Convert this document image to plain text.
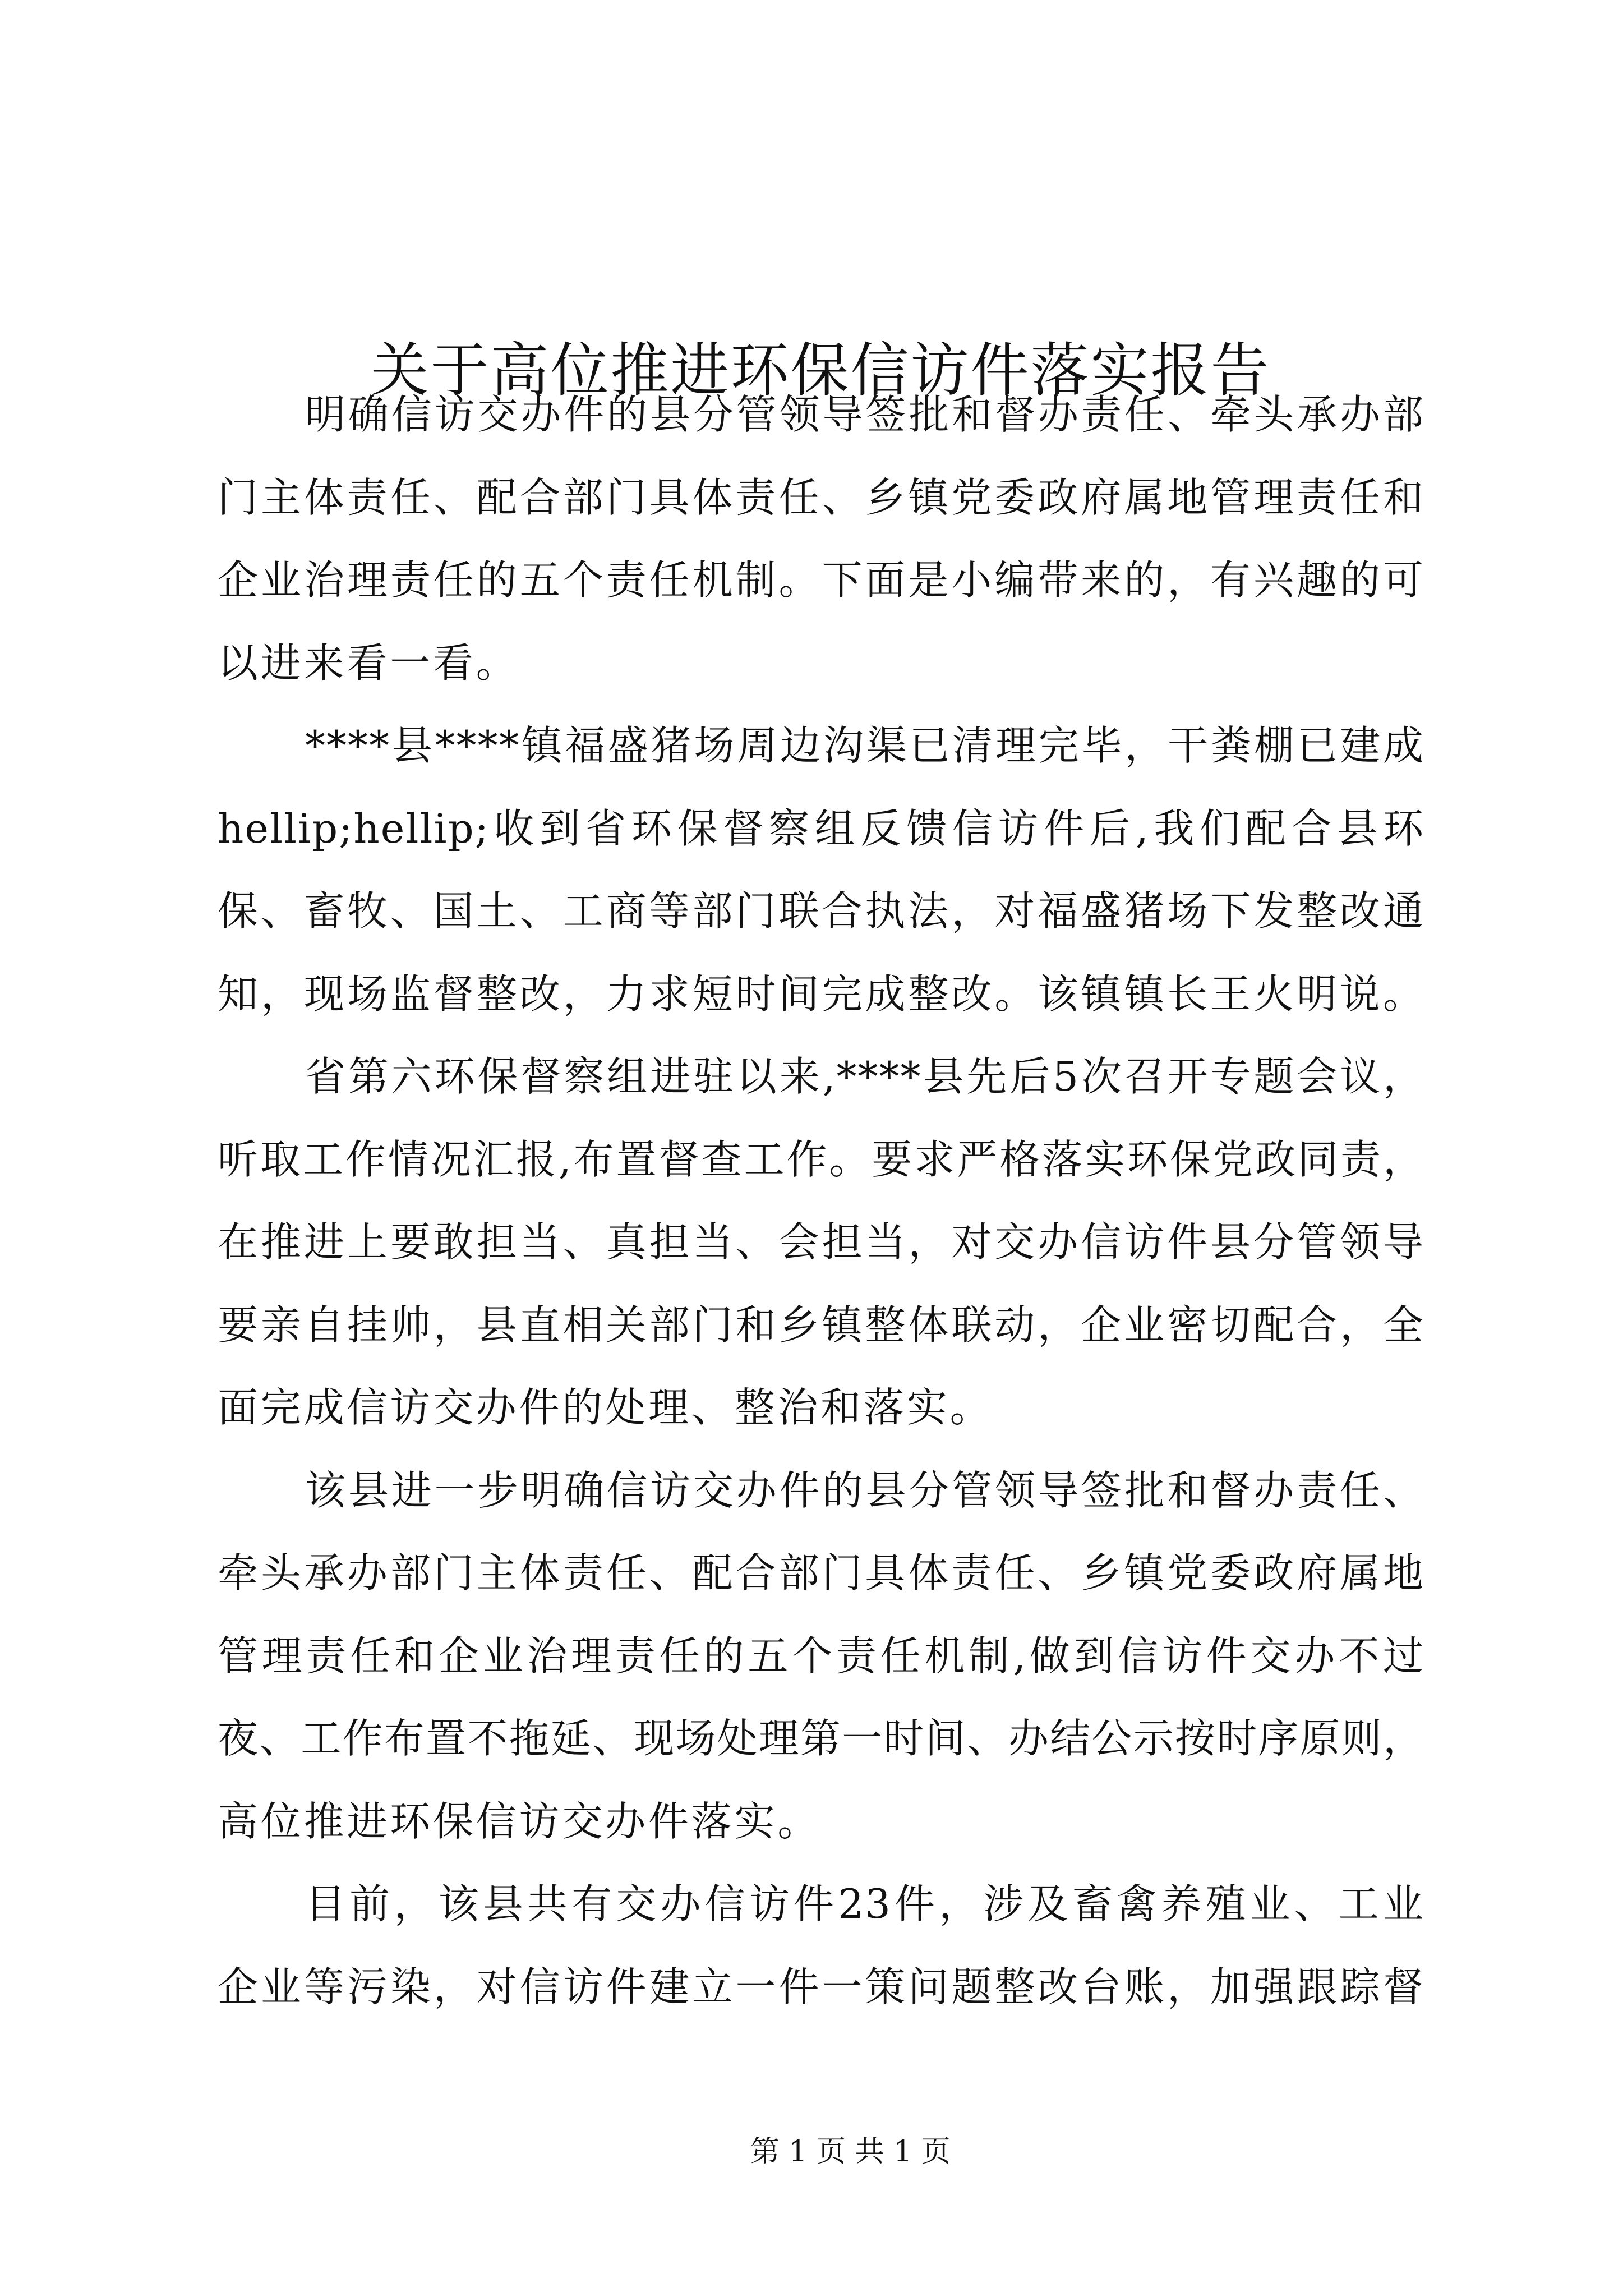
关于高位推进环保信访件落实报告
明确信访交办件的县分管领导签批和督办责任、牵头承办部
门主体责任、配合部门具体责任、乡镇党委政府属地管理责任和
企业治理责任的五个责任机制。下面是小编带来的，有兴趣的可
以进来看一看。
****县****镇福盛猪场周边沟渠已清理完毕，干粪棚已建成
hellip;hellip;收到省环保督察组反馈信访件后,我们配合县环
保、畜牧、国土、工商等部门联合执法，对福盛猪场下发整改通
知，现场监督整改，力求短时间完成整改。该镇镇长王火明说。
省第六环保督察组进驻以来,****县先后5次召开专题会议，
听取工作情况汇报,布置督查工作。要求严格落实环保党政同责，
在推进上要敢担当、真担当、会担当，对交办信访件县分管领导
要亲自挂帅，县直相关部门和乡镇整体联动，企业密切配合，全
面完成信访交办件的处理、整治和落实。
该县进一步明确信访交办件的县分管领导签批和督办责任、
牵头承办部门主体责任、配合部门具体责任、乡镇党委政府属地
管理责任和企业治理责任的五个责任机制,做到信访件交办不过
夜、工作布置不拖延、现场处理第一时间、办结公示按时序原则，
高位推进环保信访交办件落实。
目前，该县共有交办信访件23件，涉及畜禽养殖业、工业
企业等污染，对信访件建立一件一策问题整改台账，加强跟踪督
第 1 页 共 1 页
